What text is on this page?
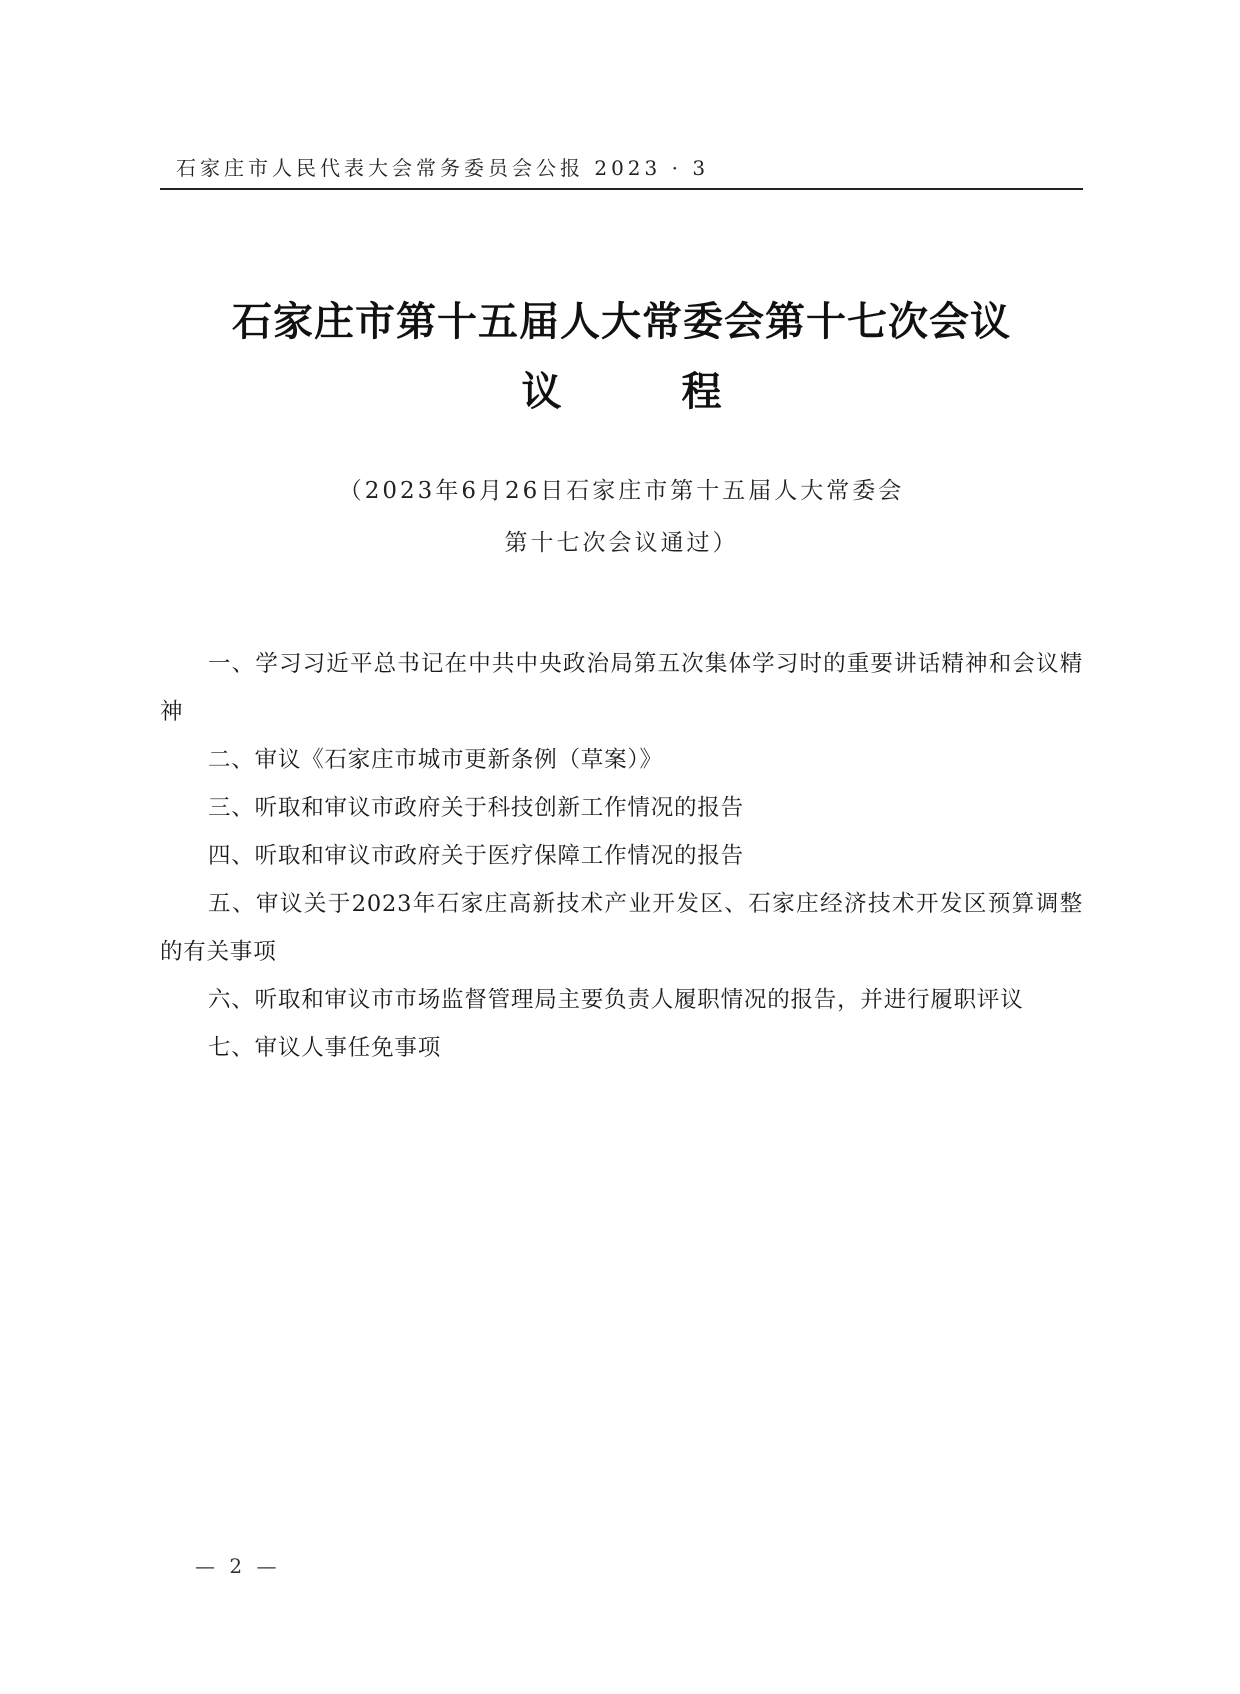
石家庄市人民代表大会常务委员会公报 2023 · 3
石家庄市第十五届人大常委会第十七次会议
议	程
（2023年6月26日石家庄市第十五届人大常委会
第十七次会议通过）

一、学习习近平总书记在中共中央政治局第五次集体学习时的重要讲话精神和会议精神

二、审议《石家庄市城市更新条例（草案）》

三、听取和审议市政府关于科技创新工作情况的报告

四、听取和审议市政府关于医疗保障工作情况的报告

五、审议关于2023年石家庄高新技术产业开发区、石家庄经济技术开发区预算调整的有关事项

六、听取和审议市市场监督管理局主要负责人履职情况的报告，并进行履职评议

七、审议人事任免事项

— 2 —
